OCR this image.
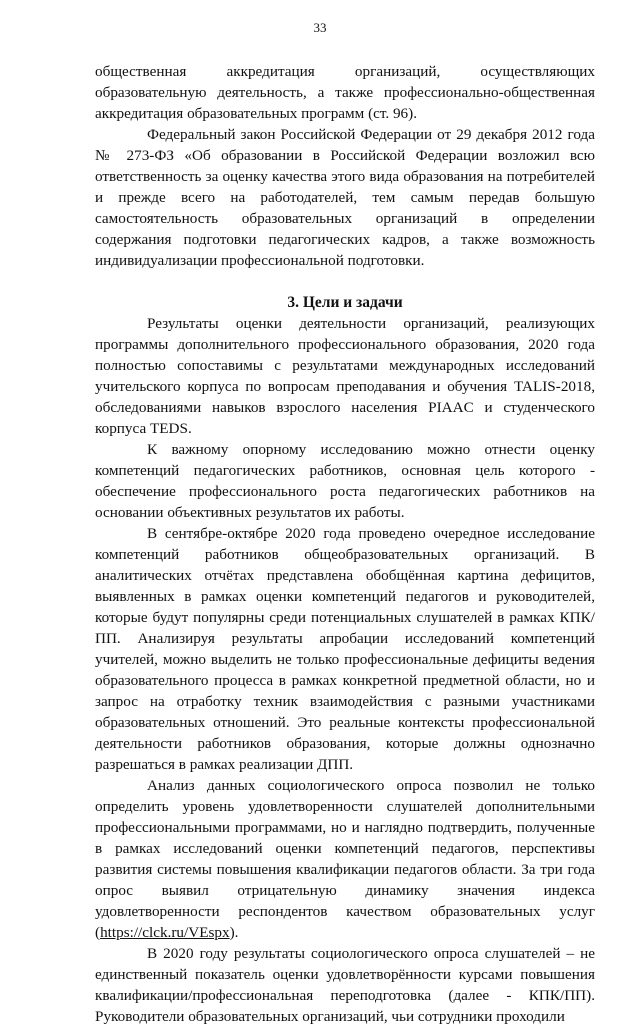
33

общественная аккредитация организаций, осуществляющих образовательную деятельность, а также профессионально-общественная аккредитация образовательных программ (ст. 96).

Федеральный закон Российской Федерации от 29 декабря 2012 года № 273-ФЗ «Об образовании в Российской Федерации возложил всю ответственность за оценку качества этого вида образования на потребителей и прежде всего на работодателей, тем самым передав большую самостоятельность образовательных организаций в определении содержания подготовки педагогических кадров, а также возможность индивидуализации профессиональной подготовки.

3. Цели и задачи

Результаты оценки деятельности организаций, реализующих программы дополнительного профессионального образования, 2020 года полностью сопоставимы с результатами международных исследований учительского корпуса по вопросам преподавания и обучения TALIS-2018, обследованиями навыков взрослого населения PIAAC и студенческого корпуса TEDS.

К важному опорному исследованию можно отнести оценку компетенций педагогических работников, основная цель которого - обеспечение профессионального роста педагогических работников на основании объективных результатов их работы.

В сентябре-октябре 2020 года проведено очередное исследование компетенций работников общеобразовательных организаций. В аналитических отчётах представлена обобщённая картина дефицитов, выявленных в рамках оценки компетенций педагогов и руководителей, которые будут популярны среди потенциальных слушателей в рамках КПК/ПП. Анализируя результаты апробации исследований компетенций учителей, можно выделить не только профессиональные дефициты ведения образовательного процесса в рамках конкретной предметной области, но и запрос на отработку техник взаимодействия с разными участниками образовательных отношений. Это реальные контексты профессиональной деятельности работников образования, которые должны однозначно разрешаться в рамках реализации ДПП.

Анализ данных социологического опроса позволил не только определить уровень удовлетворенности слушателей дополнительными профессиональными программами, но и наглядно подтвердить, полученные в рамках исследований оценки компетенций педагогов, перспективы развития системы повышения квалификации педагогов области. За три года опрос выявил отрицательную динамику значения индекса удовлетворенности респондентов качеством образовательных услуг (https://clck.ru/VEspx).

В 2020 году результаты социологического опроса слушателей – не единственный показатель оценки удовлетворённости курсами повышения квалификации/профессиональная переподготовка (далее - КПК/ПП). Руководители образовательных организаций, чьи сотрудники проходили
